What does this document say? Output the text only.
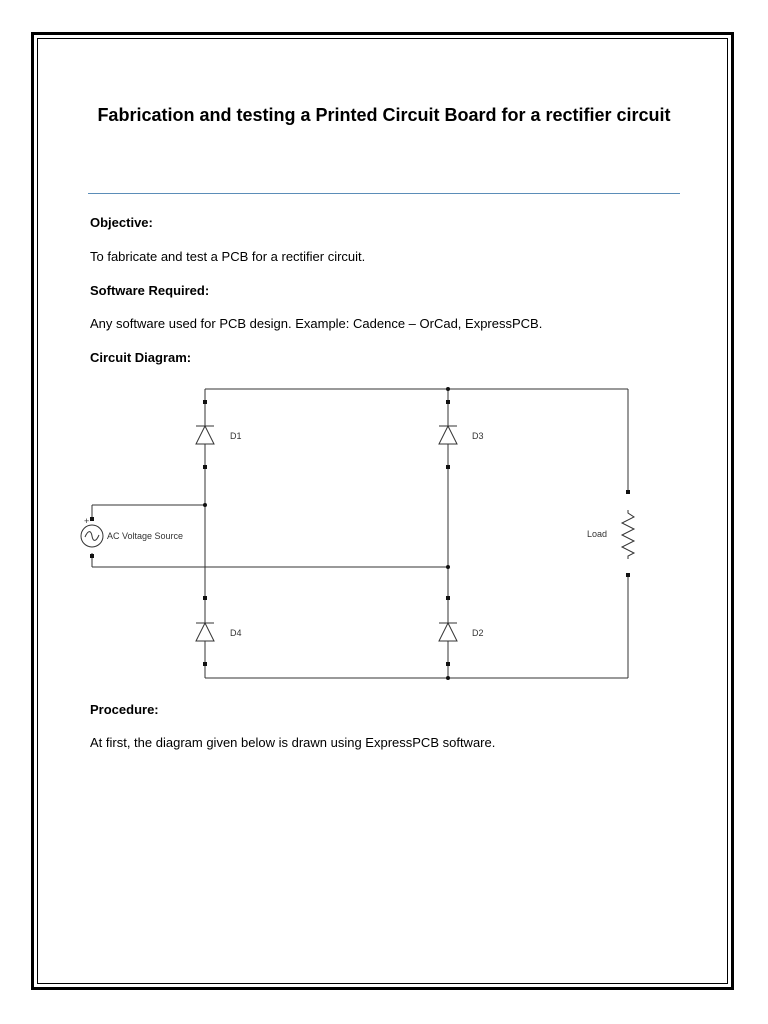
Fabrication and testing a Printed Circuit Board for a rectifier circuit

Objective:

To fabricate and test a PCB for a rectifier circuit.

Software Required:

Any software used for PCB design. Example: Cadence – OrCad, ExpressPCB.

Circuit Diagram:

+
D1	D3
D4	D2
AC Voltage Source	Load

Procedure:

At first, the diagram given below is drawn using ExpressPCB software.
